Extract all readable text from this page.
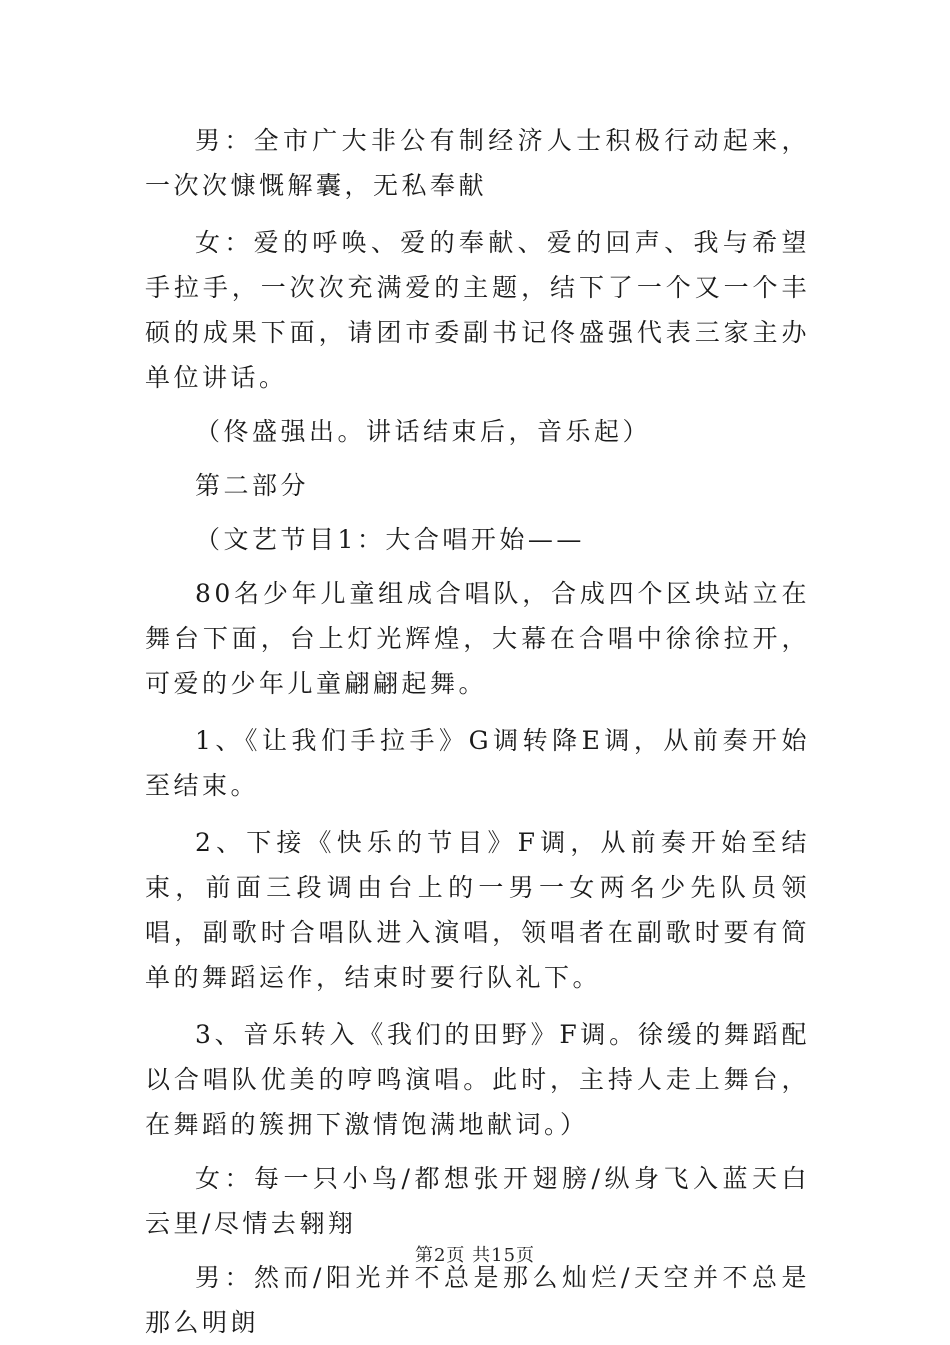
男：全市广大非公有制经济人士积极行动起来，一次次慷慨解囊，无私奉献

女：爱的呼唤、爱的奉献、爱的回声、我与希望手拉手，一次次充满爱的主题，结下了一个又一个丰硕的成果下面，请团市委副书记佟盛强代表三家主办单位讲话。

（佟盛强出。讲话结束后，音乐起）

第二部分

（文艺节目1：大合唱开始——

80名少年儿童组成合唱队，合成四个区块站立在舞台下面，台上灯光辉煌，大幕在合唱中徐徐拉开，可爱的少年儿童翩翩起舞。

1、《让我们手拉手》G调转降E调，从前奏开始至结束。

2、下接《快乐的节目》F调，从前奏开始至结束，前面三段调由台上的一男一女两名少先队员领唱，副歌时合唱队进入演唱，领唱者在副歌时要有简单的舞蹈运作，结束时要行队礼下。

3、音乐转入《我们的田野》F调。徐缓的舞蹈配以合唱队优美的哼鸣演唱。此时，主持人走上舞台，在舞蹈的簇拥下激情饱满地献词。）

女：每一只小鸟/都想张开翅膀/纵身飞入蓝天白云里/尽情去翱翔

男：然而/阳光并不总是那么灿烂/天空并不总是那么明朗

第2页 共15页
